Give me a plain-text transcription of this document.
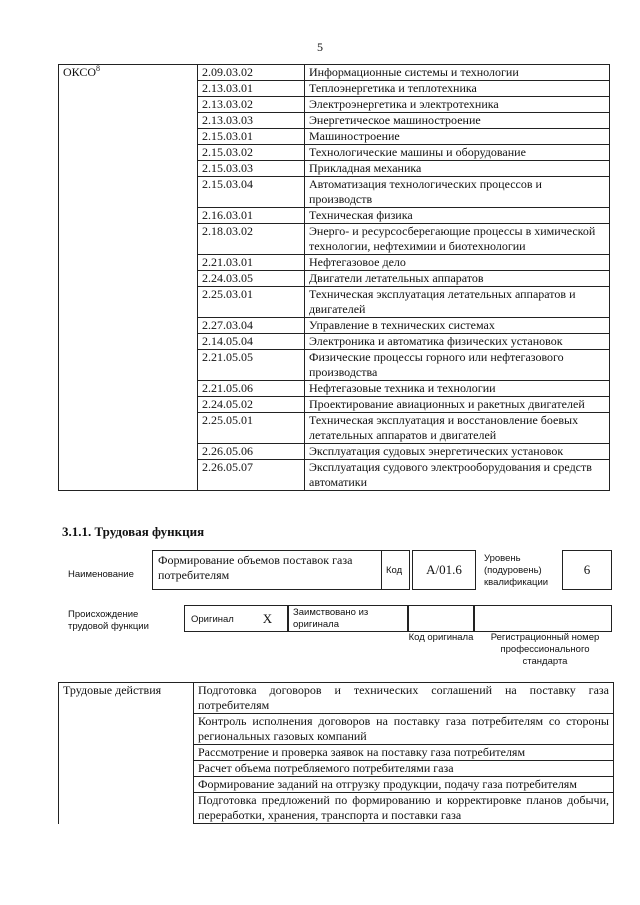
5
ОКСО$^8$	2.09.03.02	Информационные системы и технологии
	2.13.03.01	Теплоэнергетика и теплотехника
	2.13.03.02	Электроэнергетика и электротехника
	2.13.03.03	Энергетическое машиностроение
	2.15.03.01	Машиностроение
	2.15.03.02	Технологические машины и оборудование
	2.15.03.03	Прикладная механика
	2.15.03.04	Автоматизация технологических процессов и производств
	2.16.03.01	Техническая физика
	2.18.03.02	Энерго- и ресурсосберегающие процессы в химической технологии, нефтехимии и биотехнологии
	2.21.03.01	Нефтегазовое дело
	2.24.03.05	Двигатели летательных аппаратов
	2.25.03.01	Техническая эксплуатация летательных аппаратов и двигателей
	2.27.03.04	Управление в технических системах
	2.14.05.04	Электроника и автоматика физических установок
	2.21.05.05	Физические процессы горного или нефтегазового производства
	2.21.05.06	Нефтегазовые техника и технологии
	2.24.05.02	Проектирование авиационных и ракетных двигателей
	2.25.05.01	Техническая эксплуатация и восстановление боевых летательных аппаратов и двигателей
	2.26.05.06	Эксплуатация судовых энергетических установок
	2.26.05.07	Эксплуатация судового электрооборудования и средств автоматики
3.1.1. Трудовая функция
Наименование
Формирование объемов поставок газа потребителям	Код	A/01.6
Уровень (подуровень) квалификации
6
Происхождение трудовой функции
Оригинал	X	Заимствовано из оригинала
Код оригинала	Регистрационный номер профессионального стандарта
Трудовые действия	Подготовка договоров и технических соглашений на поставку газа потребителям
Контроль исполнения договоров на поставку газа потребителям со стороны региональных газовых компаний
Рассмотрение и проверка заявок на поставку газа потребителям
Расчет объема потребляемого потребителями газа
Формирование заданий на отгрузку продукции, подачу газа потребителям
Подготовка предложений по формированию и корректировке планов добычи, переработки, хранения, транспорта и поставки газа
